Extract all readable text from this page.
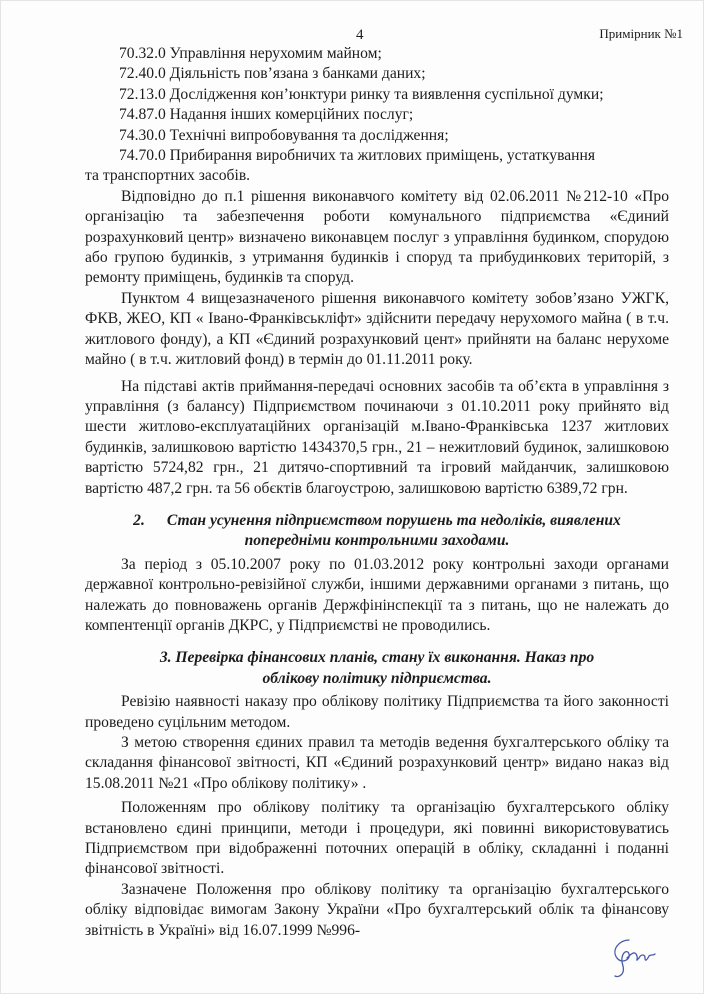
4	Примірник №1
70.32.0 Управління нерухомим майном;
72.40.0 Діяльність пов’язана з банками даних;
72.13.0 Дослідження кон’юнктури ринку та виявлення суспільної думки;
74.87.0 Надання інших комерційних послуг;
74.30.0 Технічні випробовування та дослідження;
74.70.0 Прибирання виробничих та житлових приміщень, устаткування
та транспортних засобів.
Відповідно до п.1 рішення виконавчого комітету від 02.06.2011 №212-10 «Про організацію та забезпечення роботи комунального підприємства «Єдиний розрахунковий центр» визначено виконавцем послуг з управління будинком, спорудою або групою будинків, з утримання будинків і споруд та прибудинкових територій, з ремонту приміщень, будинків та споруд.
Пунктом 4 вищезазначеного рішення виконавчого комітету зобов’язано УЖГК, ФКВ, ЖЕО, КП « Івано-Франківськліфт» здійснити передачу нерухомого майна ( в т.ч. житлового фонду), а КП «Єдиний розрахунковий цент» прийняти на баланс нерухоме майно ( в т.ч. житловий фонд) в термін до 01.11.2011 року.
На підставі актів приймання-передачі основних засобів та об’єкта в управління з управління (з балансу) Підприємством починаючи з 01.10.2011 року прийнято від шести житлово-експлуатаційних організацій м.Івано-Франківська 1237 житлових будинків, залишковою вартістю 1434370,5 грн., 21 – нежитловий будинок, залишковою вартістю 5724,82 грн., 21 дитячо-спортивний та ігровий майданчик, залишковою вартістю 487,2 грн. та 56 обєктів благоустрою, залишковою вартістю 6389,72 грн.
2. Стан усунення підприємством порушень та недоліків, виявлених
попередніми контрольними заходами.
За період з 05.10.2007 року по 01.03.2012 року контрольні заходи органами державної контрольно-ревізійної служби, іншими державними органами з питань, що належать до повноважень органів Держфінінспекції та з питань, що не належать до компентенції органів ДКРС, у Підприємстві не проводились.
3. Перевірка фінансових планів, стану їх виконання. Наказ про
облікову політику підприємства.
Ревізію наявності наказу про облікову політику Підприємства та його законності проведено суцільним методом.
З метою створення єдиних правил та методів ведення бухгалтерського обліку та складання фінансової звітності, КП «Єдиний розрахунковий центр» видано наказ від 15.08.2011 №21 «Про облікову політику» .
Положенням про облікову політику та організацію бухгалтерського обліку встановлено єдині принципи, методи і процедури, які повинні використовуватись Підприємством при відображенні поточних операцій в обліку, складанні і поданні фінансової звітності.
Зазначене Положення про облікову політику та організацію бухгалтерського обліку відповідає вимогам Закону України «Про бухгалтерський облік та фінансову звітність в Україні» від 16.07.1999 №996-
